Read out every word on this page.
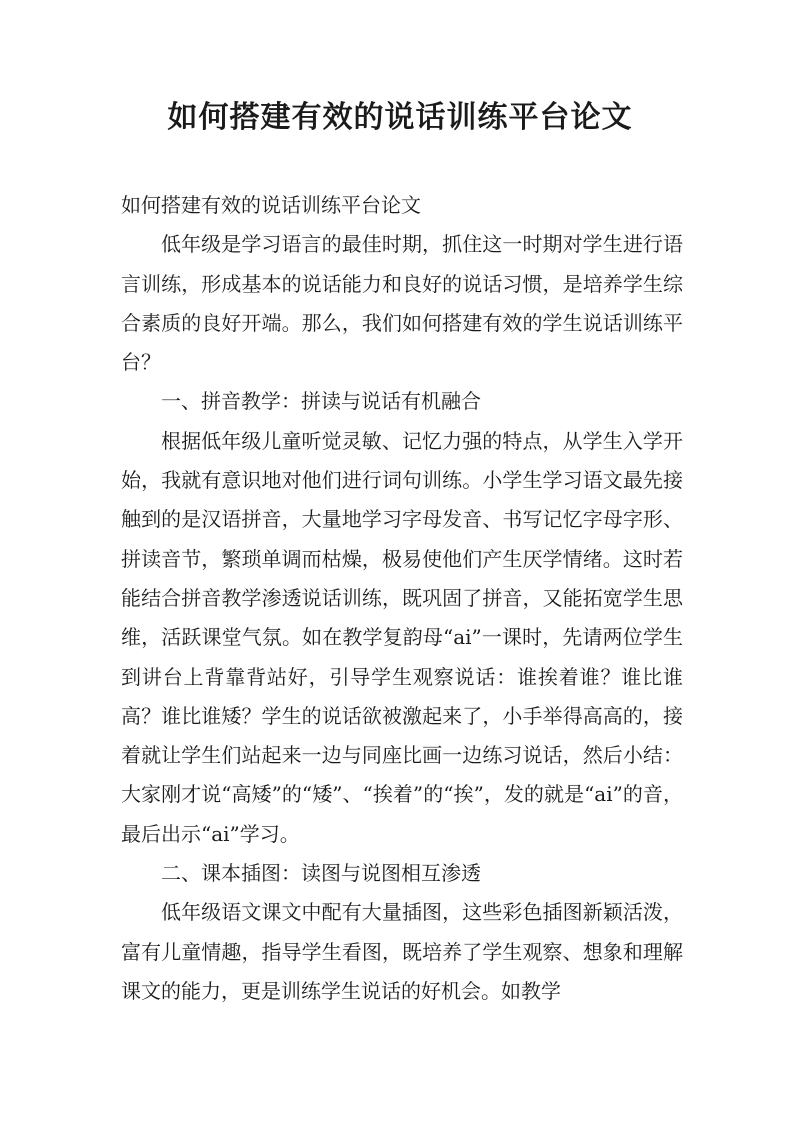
如何搭建有效的说话训练平台论文

如何搭建有效的说话训练平台论文

低年级是学习语言的最佳时期，抓住这一时期对学生进行语言训练，形成基本的说话能力和良好的说话习惯，是培养学生综合素质的良好开端。那么，我们如何搭建有效的学生说话训练平台？

一、拼音教学：拼读与说话有机融合

根据低年级儿童听觉灵敏、记忆力强的特点，从学生入学开始，我就有意识地对他们进行词句训练。小学生学习语文最先接触到的是汉语拼音，大量地学习字母发音、书写记忆字母字形、拼读音节，繁琐单调而枯燥，极易使他们产生厌学情绪。这时若能结合拼音教学渗透说话训练，既巩固了拼音，又能拓宽学生思维，活跃课堂气氛。如在教学复韵母“ai”一课时，先请两位学生到讲台上背靠背站好，引导学生观察说话：谁挨着谁？谁比谁高？谁比谁矮？学生的说话欲被激起来了，小手举得高高的，接着就让学生们站起来一边与同座比画一边练习说话，然后小结：大家刚才说“高矮”的“矮”、“挨着”的“挨”，发的就是“ai”的音，最后出示“ai”学习。

二、课本插图：读图与说图相互渗透

低年级语文课文中配有大量插图，这些彩色插图新颖活泼，富有儿童情趣，指导学生看图，既培养了学生观察、想象和理解课文的能力，更是训练学生说话的好机会。如教学
